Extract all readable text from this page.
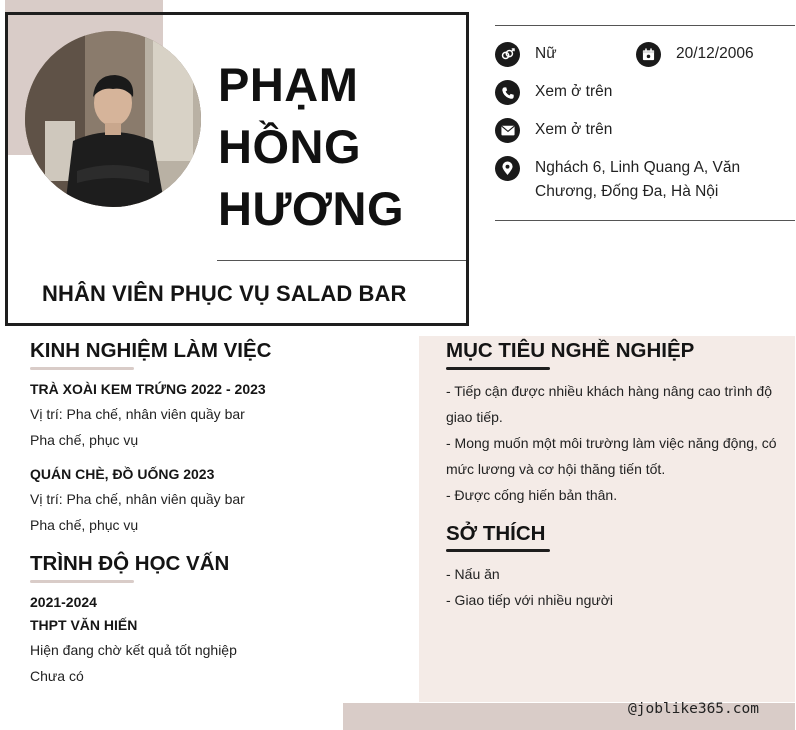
PHẠM
HỒNG
HƯƠNG
NHÂN VIÊN PHỤC VỤ SALAD BAR
Nữ	20/12/2006
Xem ở trên
Xem ở trên
Nghách 6, Linh Quang A, Văn
Chương, Đống Đa, Hà Nội
@joblike365.com
KINH NGHIỆM LÀM VIỆC
TRÀ XOÀI KEM TRỨNG 2022 - 2023
Vị trí: Pha chế, nhân viên quầy bar
Pha chế, phục vụ
QUÁN CHÈ, ĐỒ UỐNG 2023
Vị trí: Pha chế, nhân viên quầy bar
Pha chế, phục vụ
TRÌNH ĐỘ HỌC VẤN
2021-2024
THPT VĂN HIẾN
Hiện đang chờ kết quả tốt nghiệp
Chưa có
MỤC TIÊU NGHỀ NGHIỆP
- Tiếp cận được nhiều khách hàng nâng cao trình độ
giao tiếp.
- Mong muốn một môi trường làm việc năng động, có
mức lương và cơ hội thăng tiến tốt.
- Được cống hiến bản thân.
SỞ THÍCH
- Nấu ăn
- Giao tiếp với nhiều người
